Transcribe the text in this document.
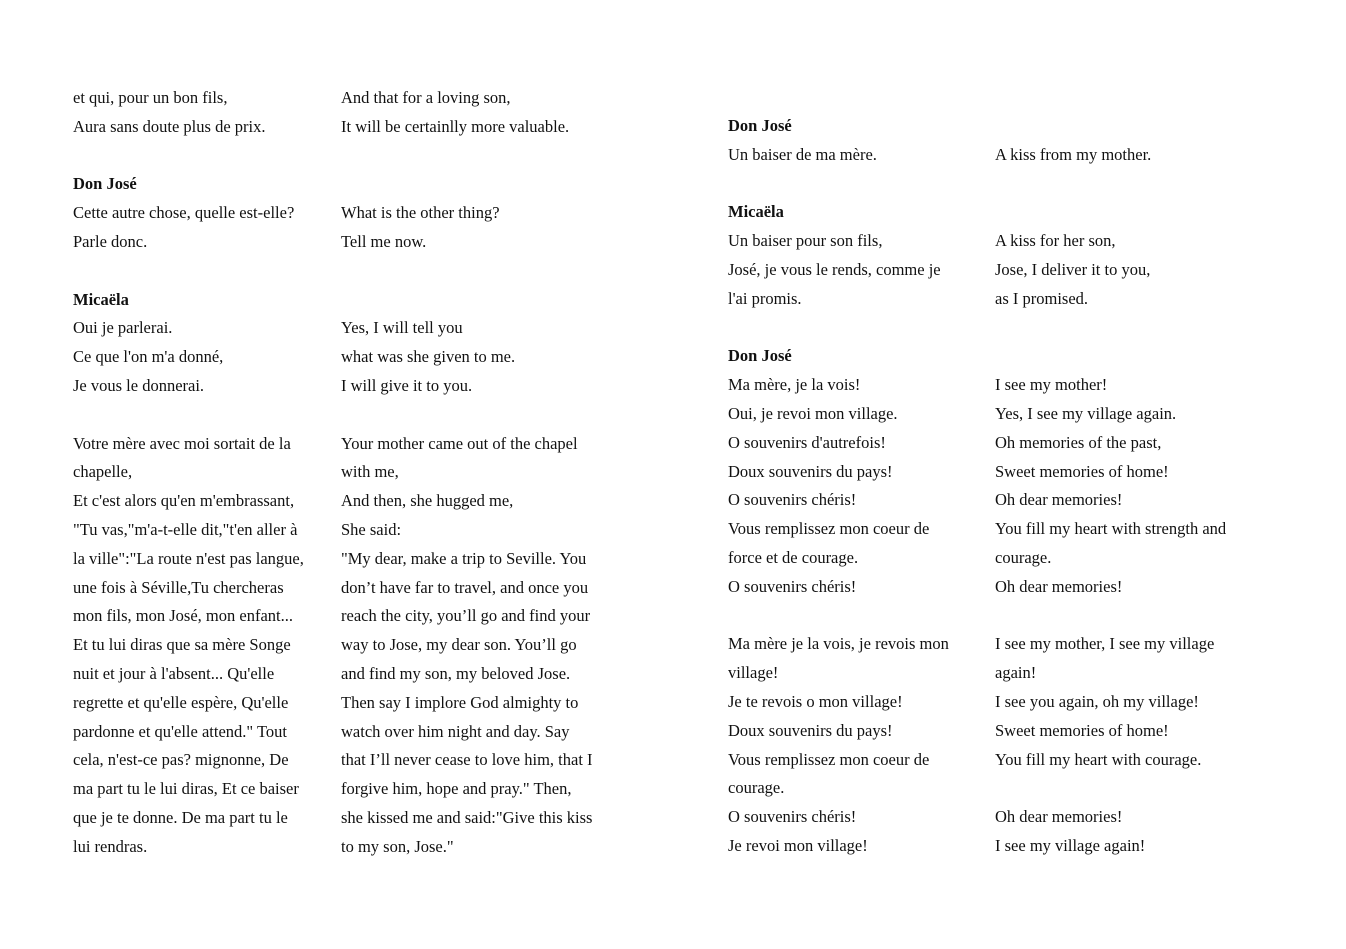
et qui, pour un bon fils,
Aura sans doute plus de prix.
Don José
Cette autre chose, quelle est-elle?
Parle donc.
Micaëla
Oui je parlerai.
Ce que l'on m'a donné,
Je vous le donnerai.
Votre mère avec moi sortait de la
chapelle,
Et c'est alors qu'en m'embrassant,
"Tu vas,"m'a-t-elle dit,"t'en aller à
la ville":"La route n'est pas langue,
une fois à Séville,Tu chercheras
mon fils, mon José, mon enfant...
Et tu lui diras que sa mère Songe
nuit et jour à l'absent... Qu'elle
regrette et qu'elle espère, Qu'elle
pardonne et qu'elle attend." Tout
cela, n'est-ce pas? mignonne, De
ma part tu le lui diras, Et ce baiser
que je te donne. De ma part tu le
lui rendras.
And that for a loving son,
It will be certainlly more valuable.
What is the other thing?
Tell me now.
Yes, I will tell you
what was she given to me.
I will give it to you.
Your mother came out of the chapel
with me,
And then, she hugged me,
She said:
"My dear, make a trip to Seville. You
don’t have far to travel, and once you
reach the city, you’ll go and find your
way to Jose, my dear son. You’ll go
and find my son, my beloved Jose.
Then say I implore God almighty to
watch over him night and day. Say
that I’ll never cease to love him, that I
forgive him, hope and pray." Then,
she kissed me and said:"Give this kiss
to my son, Jose."
Don José
Un baiser de ma mère.
Micaëla
Un baiser pour son fils,
José, je vous le rends, comme je
l'ai promis.
Don José
Ma mère, je la vois!
Oui, je revoi mon village.
O souvenirs d'autrefois!
Doux souvenirs du pays!
O souvenirs chéris!
Vous remplissez mon coeur de
force et de courage.
O souvenirs chéris!
Ma mère je la vois, je revois mon
village!
Je te revois o mon village!
Doux souvenirs du pays!
Vous remplissez mon coeur de
courage.
O souvenirs chéris!
Je revoi mon village!
A kiss from my mother.
A kiss for her son,
Jose, I deliver it to you,
as I promised.
I see my mother!
Yes, I see my village again.
Oh memories of the past,
Sweet memories of home!
Oh dear memories!
You fill my heart with strength and
courage.
Oh dear memories!
I see my mother, I see my village
again!
I see you again, oh my village!
Sweet memories of home!
You fill my heart with courage.
Oh dear memories!
I see my village again!
